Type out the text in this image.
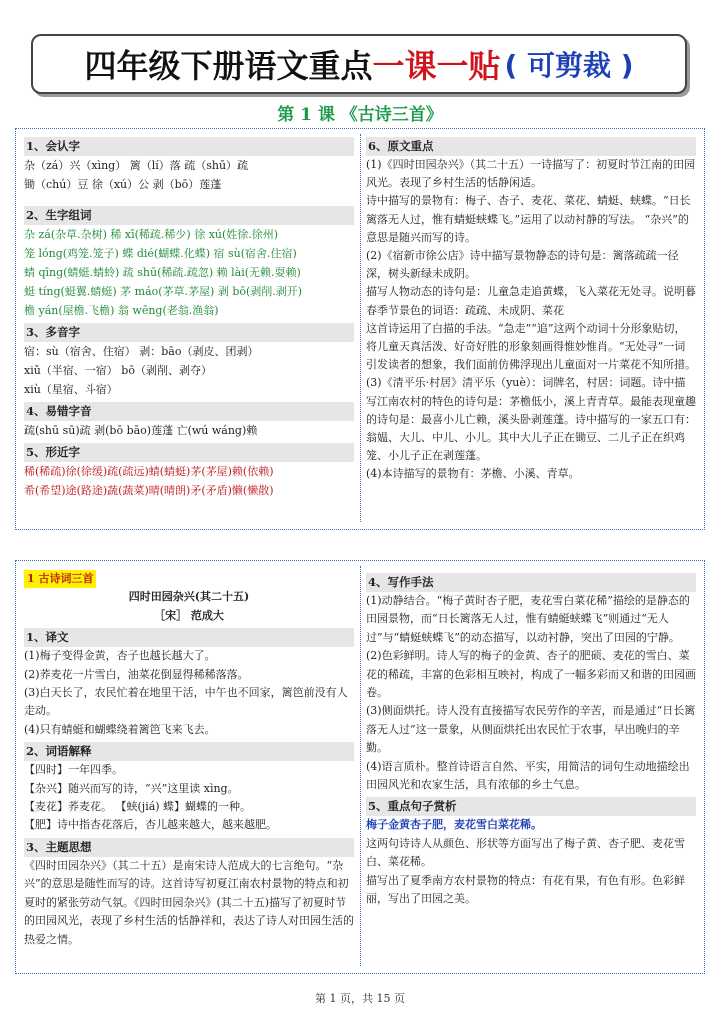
四年级下册语文重点 一课一贴 ( 可剪裁 )
第 1 课 《古诗三首》
1、会认字
杂（zá）兴（xìng） 篱（lí）落 疏（shū）疏
锄（chú）豆 徐（xú）公 剥（bō）莲蓬
2、生字组词
杂 zá(杂草.杂树) 稀 xī(稀疏.稀少) 徐 xú(姓徐.徐州)
笼 lóng(鸡笼.笼子) 蝶 dié(蝴蝶.化蝶) 宿 sù(宿舍.住宿)
蜻 qīng(蜻蜓.蜻蛉) 疏 shū(稀疏.疏忽) 赖 lài(无赖.耍赖)
蜓 tíng(蜓翼.蜻蜓) 茅 máo(茅草.茅屋) 剥 bō(剥削.剥开)
檐 yán(屋檐.飞檐) 翁 wēng(老翁.渔翁)
3、多音字
宿：sù（宿舍、住宿） 剥：bāo（剥皮、团剥）
xiǔ（半宿、一宿） bō（剥削、剥夺）
xiù（星宿、斗宿）
4、易错字音
疏(shū sū)疏 剥(bō bāo)莲蓬 亡(wú wáng)赖
5、形近字
稀(稀疏)徐(徐缓)疏(疏远)蜻(蜻蜓)茅(茅屋)赖(依赖)
希(希望)途(路途)蔬(蔬菜)晴(晴朗)矛(矛盾)懒(懒散)
6、原文重点
(1)《四时田园杂兴》（其二十五）一诗描写了：初夏时节江南的田园风光。表现了乡村生活的恬静闲适。
诗中描写的景物有：梅子、杏子、麦花、菜花、蜻蜓、蛱蝶。“日长篱落无人过，惟有蜻蜓蛱蝶飞。”运用了以动衬静的写法。 “杂兴”的意思是随兴而写的诗。
(2)《宿新市徐公店》诗中描写景物静态的诗句是：篱落疏疏一径深，树头新绿未成阴。
描写人物动态的诗句是：儿童急走追黄蝶，飞入菜花无处寻。说明暮春季节景色的词语：疏疏、未成阴、菜花
这首诗运用了白描的手法。“急走”“追”这两个动词十分形象贴切，将儿童天真活泼、好奇好胜的形象刻画得惟妙惟肖。“无处寻”一词引发读者的想象，我们面前仿佛浮现出儿童面对一片菜花不知所措。
(3)《清平乐·村居》清平乐（yuè）：词牌名，村居：词题。诗中描写江南农村的特色的诗句是：茅檐低小，溪上青青草。最能表现童趣的诗句是：最喜小儿亡赖，溪头卧剥莲蓬。诗中描写的一家五口有：翁媪、大儿、中儿、小儿。其中大儿子正在锄豆、二儿子正在织鸡笼、小儿子正在剥莲蓬。
(4)本诗描写的景物有：茅檐、小溪、青草。
1 古诗词三首
四时田园杂兴(其二十五)
［宋］ 范成大
1、译文
(1)梅子变得金黄，杏子也越长越大了。
(2)荞麦花一片雪白，油菜花倒显得稀稀落落。
(3)白天长了，农民忙着在地里干活，中午也不回家，篱笆前没有人走动。
(4)只有蜻蜓和蝴蝶绕着篱笆飞来飞去。
2、词语解释
【四时】一年四季。
【杂兴】随兴而写的诗，“兴”这里读 xìng。
【麦花】荞麦花。 【蛱(jiá) 蝶】蝴蝶的一种。
【肥】诗中指杏花落后，杏儿越来越大，越来越肥。
3、主题思想
《四时田园杂兴》（其二十五）是南宋诗人范成大的七言绝句。“杂兴”的意思是随性而写的诗。这首诗写初夏江南农村景物的特点和初夏时的紧张劳动气氛。《四时田园杂兴》(其二十五)描写了初夏时节的田园风光，表现了乡村生活的恬静祥和，表达了诗人对田园生活的热爱之情。
4、写作手法
(1)动静结合。“梅子黄时杏子肥，麦花雪白菜花稀”描绘的是静态的田园景物，而“日长篱落无人过，惟有蜻蜓蛱蝶飞”则通过“无人过”与“蜻蜓蛱蝶飞”的动态描写，以动衬静，突出了田园的宁静。
(2)色彩鲜明。诗人写的梅子的金黄、杏子的肥硕、麦花的雪白、菜花的稀疏，丰富的色彩相互映衬，构成了一幅多彩而又和谐的田园画卷。
(3)侧面烘托。诗人没有直接描写农民劳作的辛苦，而是通过“日长篱落无人过”这一景象，从侧面烘托出农民忙于农事，早出晚归的辛勤。
(4)语言质朴。整首诗语言自然、平实，用简洁的词句生动地描绘出田园风光和农家生活，具有浓郁的乡土气息。
5、重点句子赏析
梅子金黄杏子肥，麦花雪白菜花稀。
这两句诗诗人从颜色、形状等方面写出了梅子黄、杏子肥、麦花雪白、菜花稀。
描写出了夏季南方农村景物的特点：有花有果，有色有形。色彩鲜丽，写出了田园之美。
第 1 页，共 15 页
